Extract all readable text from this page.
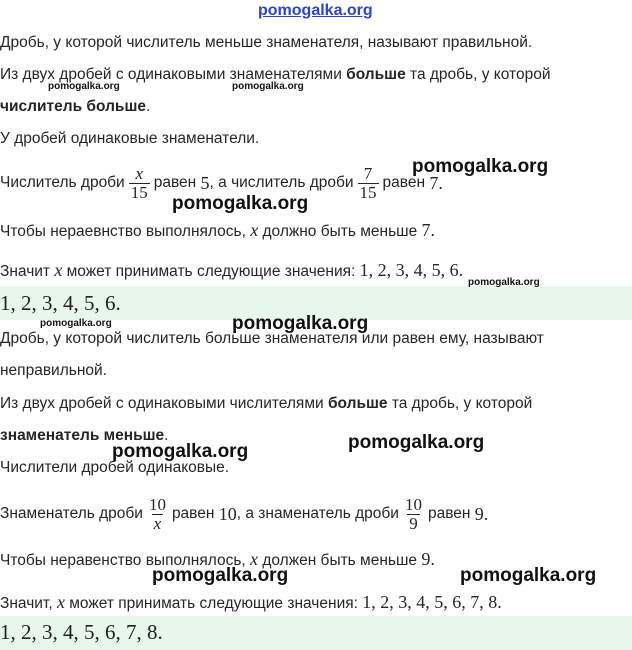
pomogalka.org
Дробь, у которой числитель меньше знаменателя, называют правильной.
Из двух дробей с одинаковыми знаменателями больше та дробь, у которой
числитель больше.
У дробей одинаковые знаменатели.
Числитель дроби $\frac{x}{15}$ равен
5 , а числитель дроби $\frac{7}{15}$ равен
7.
Чтобы нераевнство выполнялось, x должно быть меньше 7.
Значит x может принимать следующие значения: 1, 2, 3, 4, 5, 6.
1, 2, 3, 4, 5, 6.
Дробь, у которой числитель больше знаменателя или равен ему, называют
неправильной.
Из двух дробей с одинаковыми числителями больше та дробь, у которой
знаменатель меньше.
Числители дробей одинаковые.
Знаменатель дроби $\frac{10}{x}$ равен
10 , а знаменатель дроби $\frac{10}{9}$ равен
9.
Чтобы неравенство выполнялось, x должен быть меньше 9.
Значит, x может принимать следующие значения: 1, 2, 3, 4, 5, 6, 7, 8.
1, 2, 3, 4, 5, 6, 7, 8.
pomogalka.org	pomogalka.org
pomogalka.org
pomogalka.org
pomogalka.org
pomogalka.org	pomogalka.org
pomogalka.org	pomogalka.org
pomogalka.org	pomogalka.org
